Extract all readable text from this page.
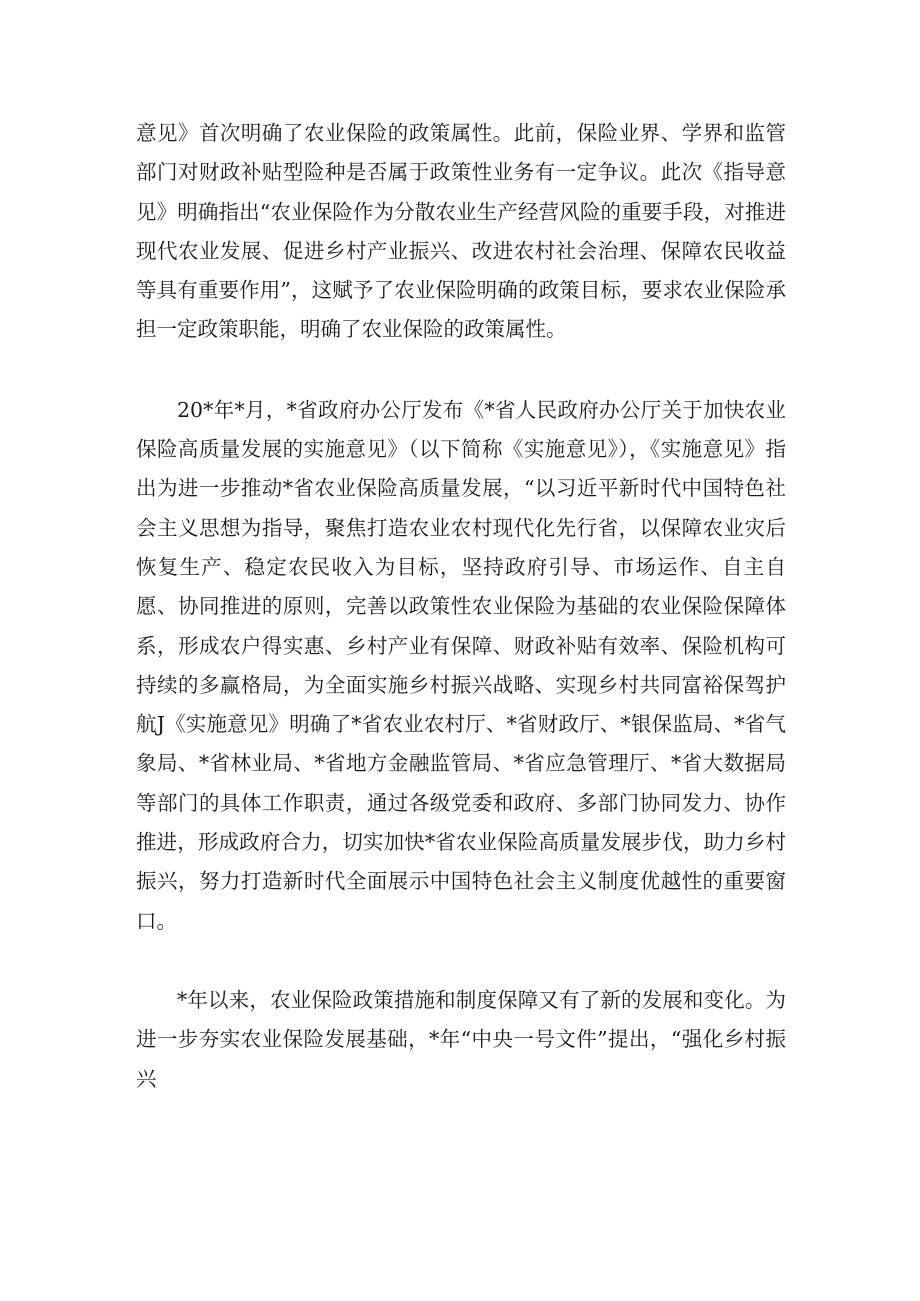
意见》首次明确了农业保险的政策属性。此前，保险业界、学界和监管部门对财政补贴型险种是否属于政策性业务有一定争议。此次《指导意见》明确指出“农业保险作为分散农业生产经营风险的重要手段，对推进现代农业发展、促进乡村产业振兴、改进农村社会治理、保障农民收益等具有重要作用”，这赋予了农业保险明确的政策目标，要求农业保险承担一定政策职能，明确了农业保险的政策属性。

20*年*月，*省政府办公厅发布《*省人民政府办公厅关于加快农业保险高质量发展的实施意见》（以下简称《实施意见》），《实施意见》指出为进一步推动*省农业保险高质量发展，“以习近平新时代中国特色社会主义思想为指导，聚焦打造农业农村现代化先行省，以保障农业灾后恢复生产、稳定农民收入为目标，坚持政府引导、市场运作、自主自愿、协同推进的原则，完善以政策性农业保险为基础的农业保险保障体系，形成农户得实惠、乡村产业有保障、财政补贴有效率、保险机构可持续的多赢格局，为全面实施乡村振兴战略、实现乡村共同富裕保驾护航J《实施意见》明确了*省农业农村厅、*省财政厅、*银保监局、*省气象局、*省林业局、*省地方金融监管局、*省应急管理厅、*省大数据局等部门的具体工作职责，通过各级党委和政府、多部门协同发力、协作推进，形成政府合力，切实加快*省农业保险高质量发展步伐，助力乡村振兴，努力打造新时代全面展示中国特色社会主义制度优越性的重要窗口。

*年以来，农业保险政策措施和制度保障又有了新的发展和变化。为进一步夯实农业保险发展基础，*年“中央一号文件”提出，“强化乡村振兴
